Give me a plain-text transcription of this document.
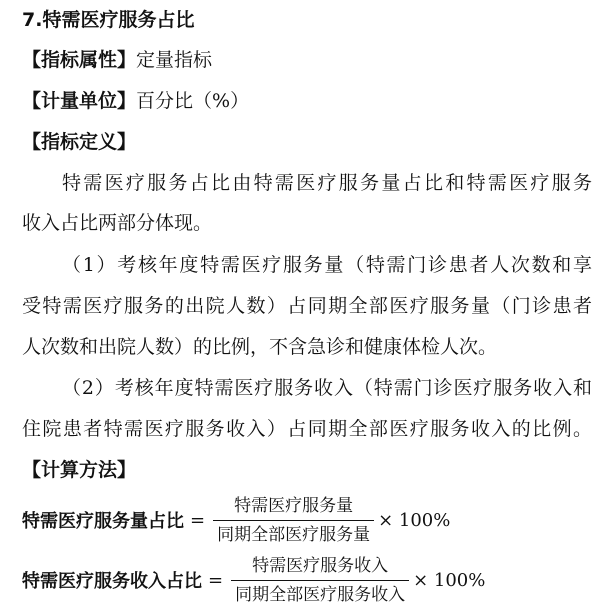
7.特需医疗服务占比
【指标属性】定量指标
【计量单位】百分比（%）
【指标定义】
特需医疗服务占比由特需医疗服务量占比和特需医疗服务
收入占比两部分体现。
（1）考核年度特需医疗服务量（特需门诊患者人次数和享
受特需医疗服务的出院人数）占同期全部医疗服务量（门诊患者
人次数和出院人数）的比例，不含急诊和健康体检人次。
（2）考核年度特需医疗服务收入（特需门诊医疗服务收入和
住院患者特需医疗服务收入）占同期全部医疗服务收入的比例。
【计算方法】
特需医疗服务量占比 = $\frac{\text{特需医疗服务量}}{\text{同期全部医疗服务量}} \times 100\%$
特需医疗服务收入占比 = $\frac{\text{特需医疗服务收入}}{\text{同期全部医疗服务收入}} \times 100\%$
